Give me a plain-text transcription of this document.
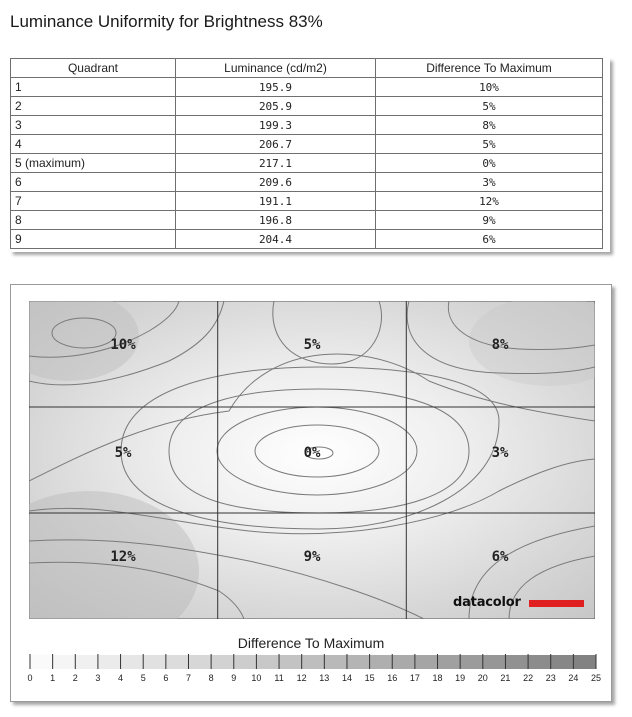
Luminance Uniformity for Brightness 83%
Quadrant	Luminance (cd/m2)	Difference To Maximum
1	195.9	10%
2	205.9	5%
3	199.3	8%
4	206.7	5%
5 (maximum)	217.1	0%
6	209.6	3%
7	191.1	12%
8	196.8	9%
9	204.4	6%
10%	5%	8%
5%	0%	3%
12%	9%	6%
datacolor
Difference To Maximum
0 1 2 3 4 5 6 7 8 9 10 11 12 13 14 15 16 17 18 19 20 21 22 23 24 25
